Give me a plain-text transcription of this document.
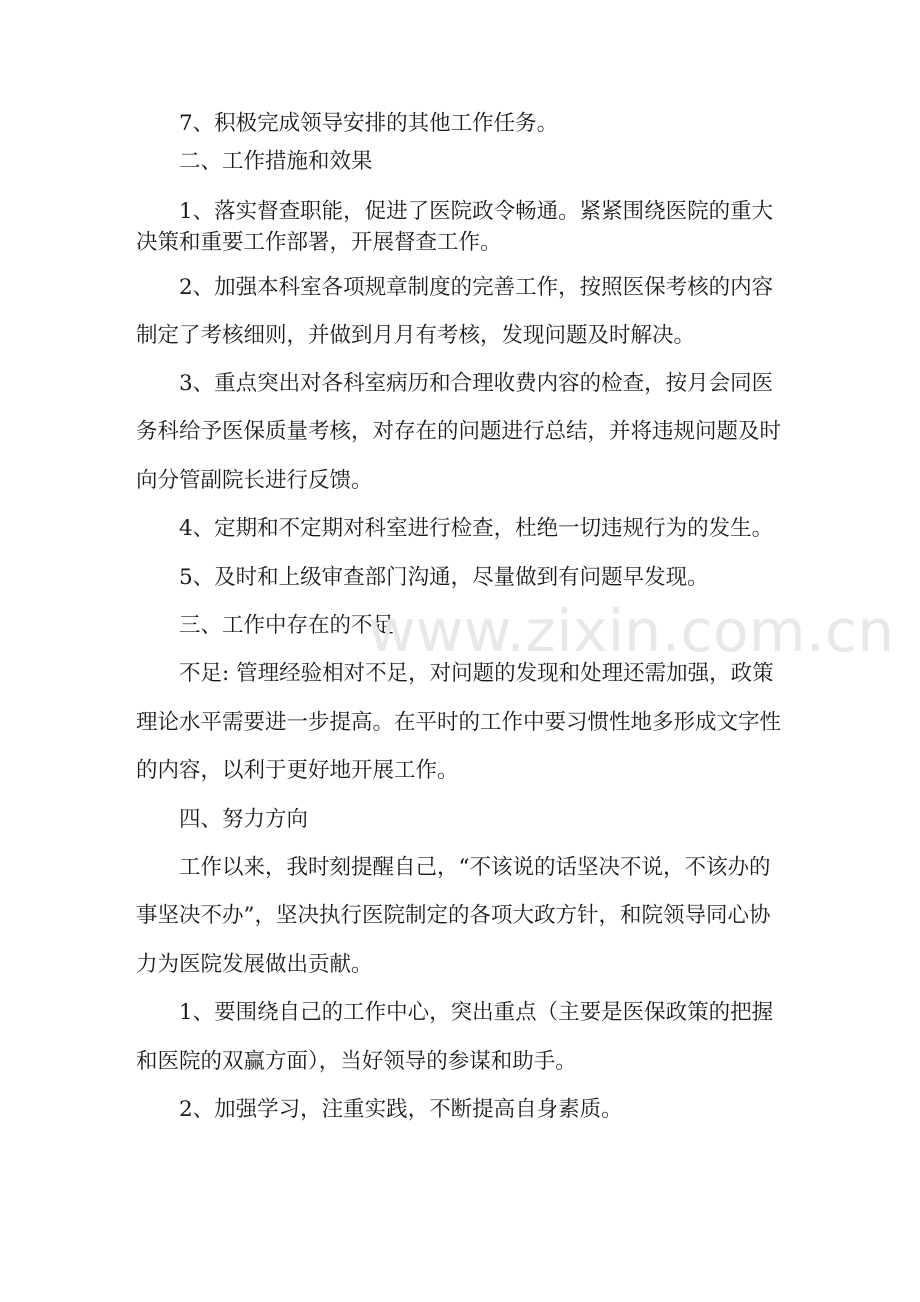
7、积极完成领导安排的其他工作任务。
二、工作措施和效果
1、落实督查职能，促进了医院政令畅通。紧紧围绕医院的重大
决策和重要工作部署，开展督查工作。
2、加强本科室各项规章制度的完善工作，按照医保考核的内容
制定了考核细则，并做到月月有考核，发现问题及时解决。
3、重点突出对各科室病历和合理收费内容的检查，按月会同医
务科给予医保质量考核，对存在的问题进行总结，并将违规问题及时
向分管副院长进行反馈。
4、定期和不定期对科室进行检查，杜绝一切违规行为的发生。
5、及时和上级审查部门沟通，尽量做到有问题早发现。
三、工作中存在的不足
不足: 管理经验相对不足，对问题的发现和处理还需加强，政策
理论水平需要进一步提高。在平时的工作中要习惯性地多形成文字性
的内容，以利于更好地开展工作。
四、努力方向
工作以来，我时刻提醒自己，“不该说的话坚决不说，不该办的
事坚决不办”，坚决执行医院制定的各项大政方针，和院领导同心协
力为医院发展做出贡献。
1、要围绕自己的工作中心，突出重点（主要是医保政策的把握
和医院的双赢方面），当好领导的参谋和助手。
2、加强学习，注重实践，不断提高自身素质。
www.zixin.com.cn
